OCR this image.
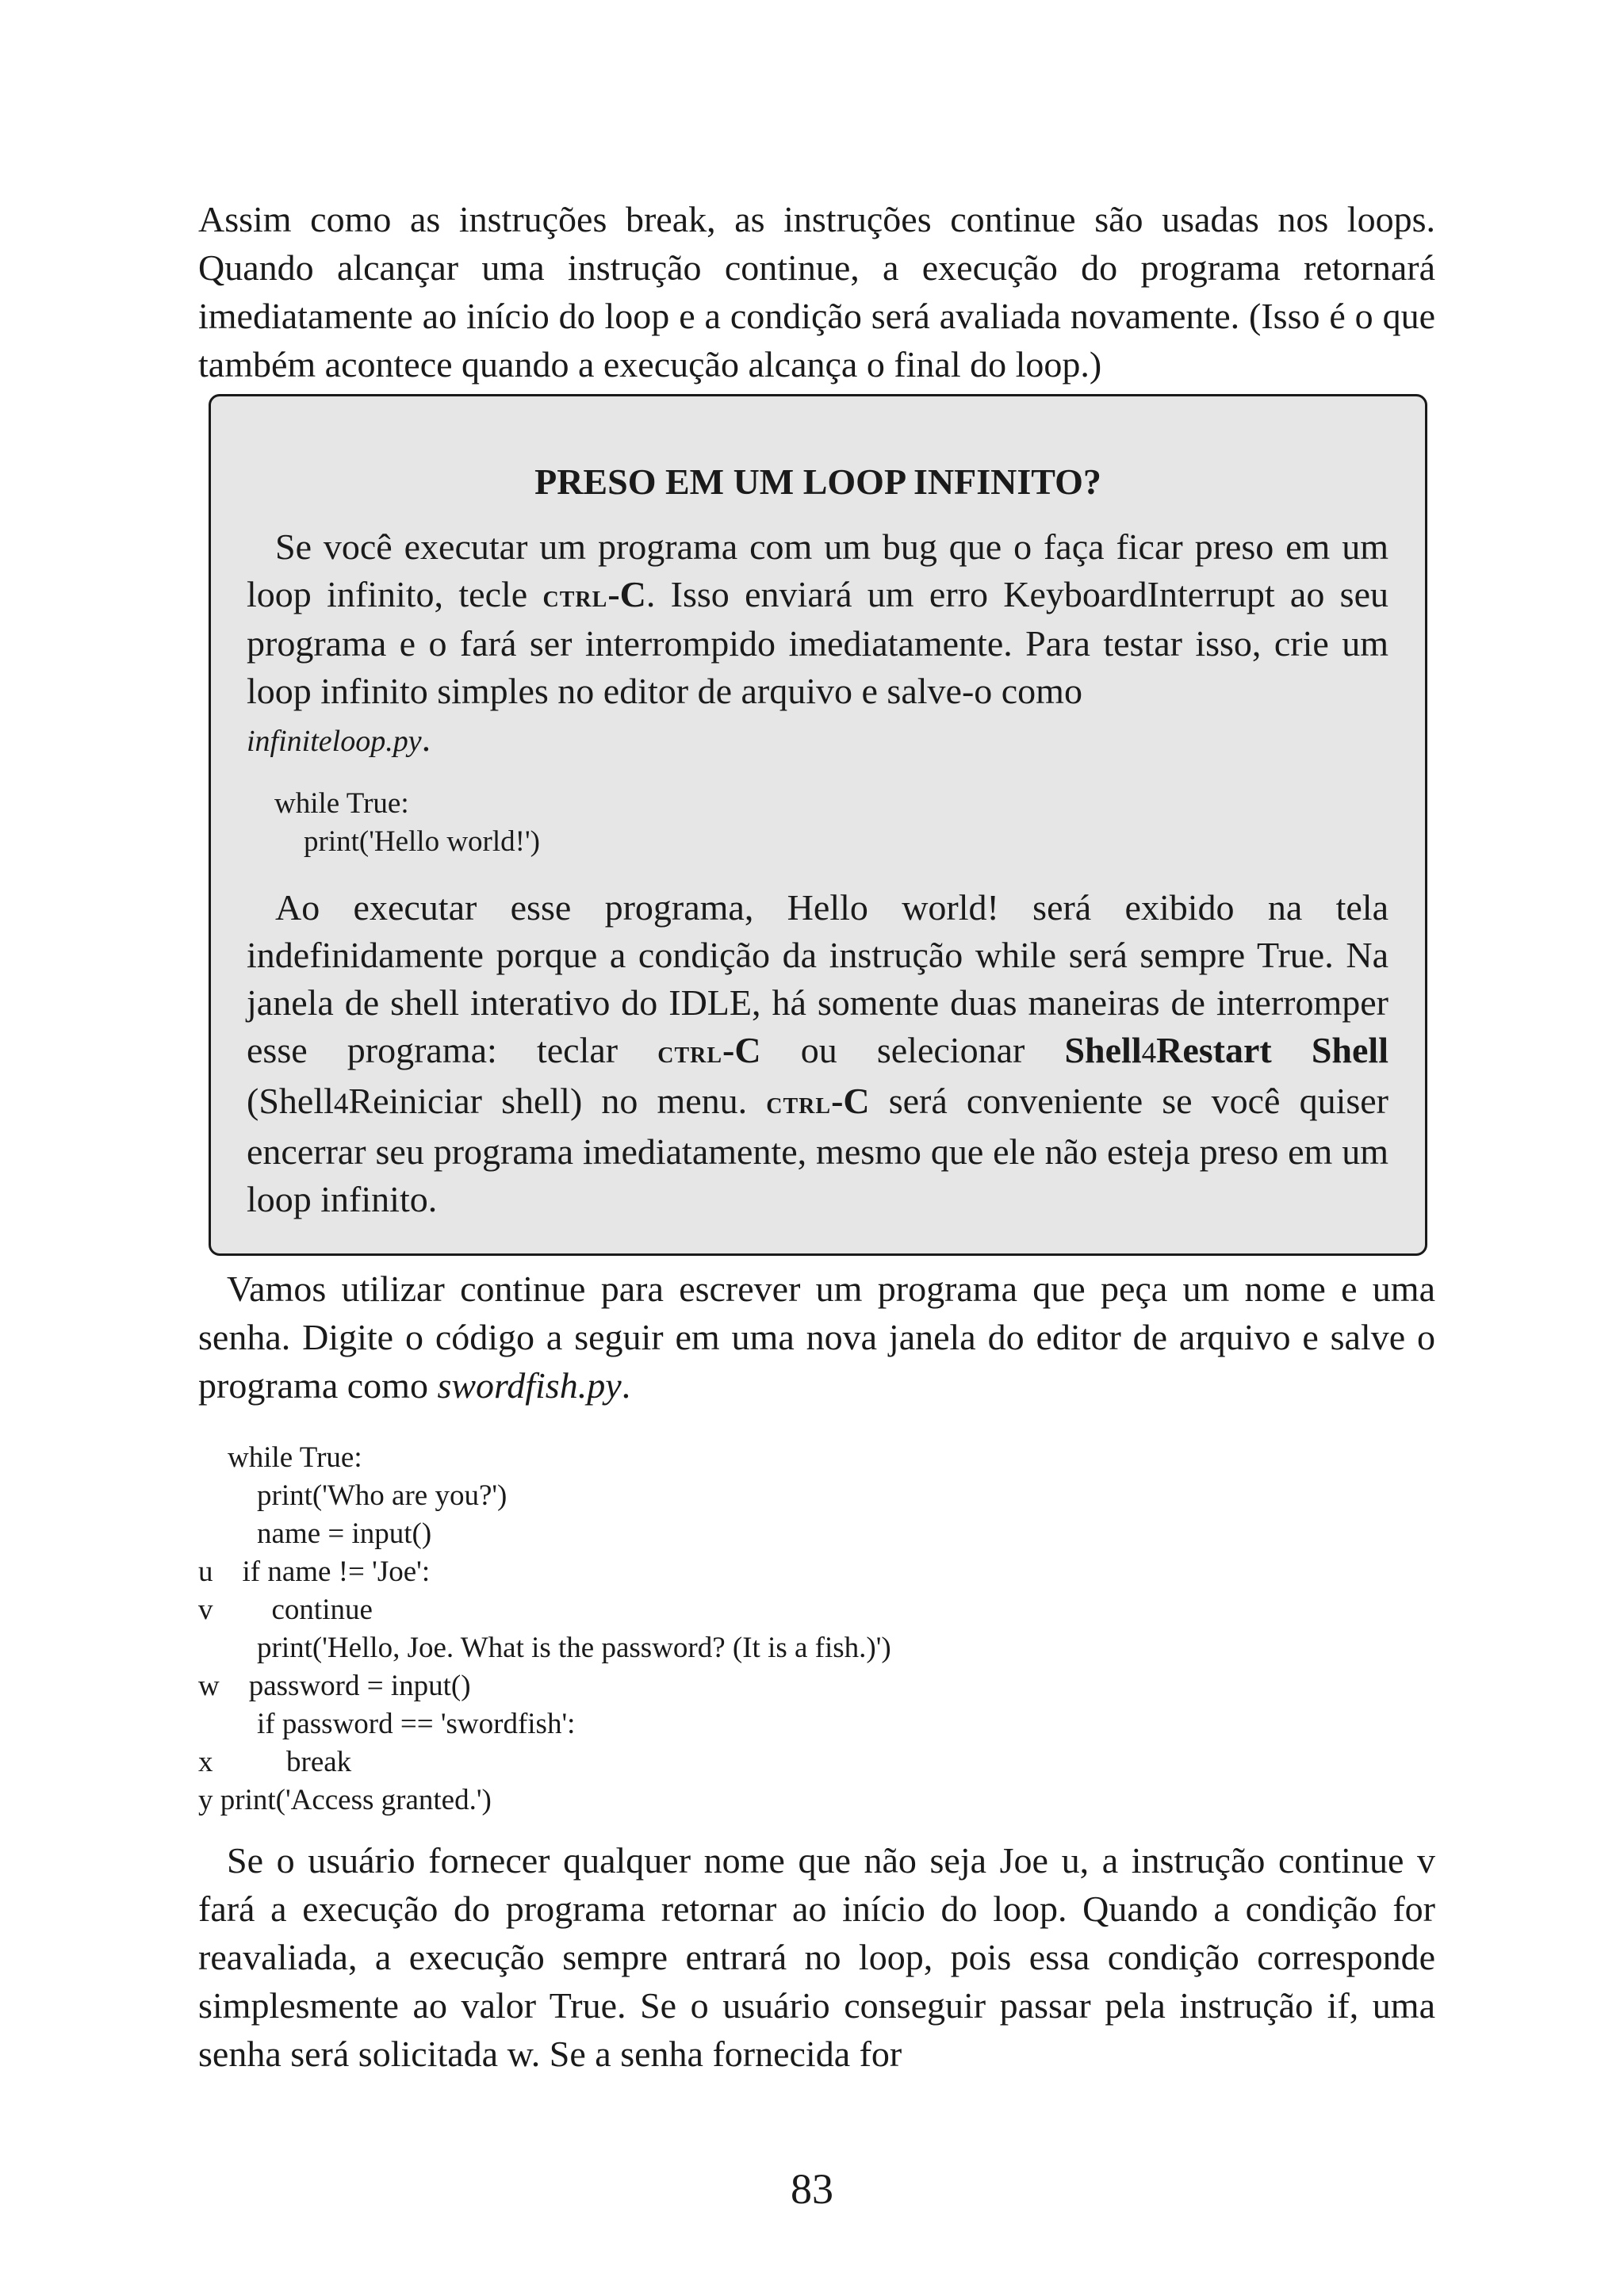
Assim como as instruções break, as instruções continue são usadas nos loops. Quando alcançar uma instrução continue, a execução do programa retornará imediatamente ao início do loop e a condição será avaliada novamente. (Isso é o que também acontece quando a execução alcança o final do loop.)

PRESO EM UM LOOP INFINITO?

Se você executar um programa com um bug que o faça ficar preso em um loop infinito, tecle ctrl-C. Isso enviará um erro KeyboardInterrupt ao seu programa e o fará ser interrompido imediatamente. Para testar isso, crie um loop infinito simples no editor de arquivo e salve-o como
infiniteloop.py.

while True:
print('Hello world!')

Ao executar esse programa, Hello world! será exibido na tela indefinidamente porque a condição da instrução while será sempre True. Na janela de shell interativo do IDLE, há somente duas maneiras de interromper esse programa: teclar ctrl-C ou selecionar Shell4Restart Shell (Shell4Reiniciar shell) no menu. ctrl-C será conveniente se você quiser encerrar seu programa imediatamente, mesmo que ele não esteja preso em um loop infinito.

Vamos utilizar continue para escrever um programa que peça um nome e uma senha. Digite o código a seguir em uma nova janela do editor de arquivo e salve o programa como swordfish.py.

while True:
print('Who are you?')
name = input()
u    if name != 'Joe':
v        continue
print('Hello, Joe. What is the password? (It is a fish.)')
w    password = input()
if password == 'swordfish':
x          break
y print('Access granted.')

Se o usuário fornecer qualquer nome que não seja Joe u, a instrução continue v fará a execução do programa retornar ao início do loop. Quando a condição for reavaliada, a execução sempre entrará no loop, pois essa condição corresponde simplesmente ao valor True. Se o usuário conseguir passar pela instrução if, uma senha será solicitada w. Se a senha fornecida for

83
